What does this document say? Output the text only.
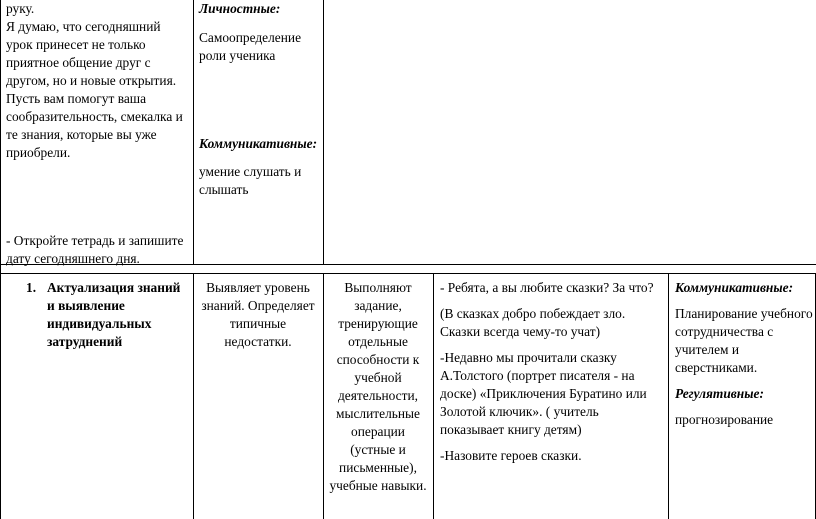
руку.

Я думаю, что сегодняшний урок принесет не только приятное общение друг с другом, но и новые открытия. Пусть вам помогут ваша сообразительность, смекалка и те знания, которые вы уже приобрели.

- Откройте тетрадь и запишите дату сегодняшнего дня.

Личностные:

Самоопределение роли ученика

Коммуникативные:

умение слушать и слышать

1. Актуализация знаний и выявление индивидуальных затруднений
Выявляет уровень знаний. Определяет типичные недостатки.
Выполняют задание, тренирующие отдельные способности к учебной деятельности, мыслительные операции (устные и письменные), учебные навыки.

- Ребята, а вы любите сказки? За что?

(В сказках добро побеждает зло. Сказки всегда чему-то учат)

-Недавно мы прочитали сказку А.Толстого (портрет писателя - на доске) «Приключения Буратино или Золотой ключик». ( учитель показывает книгу детям)

-Назовите героев сказки.

Коммуникативные:

Планирование учебного сотрудничества с учителем и сверстниками.

Регулятивные:

прогнозирование
